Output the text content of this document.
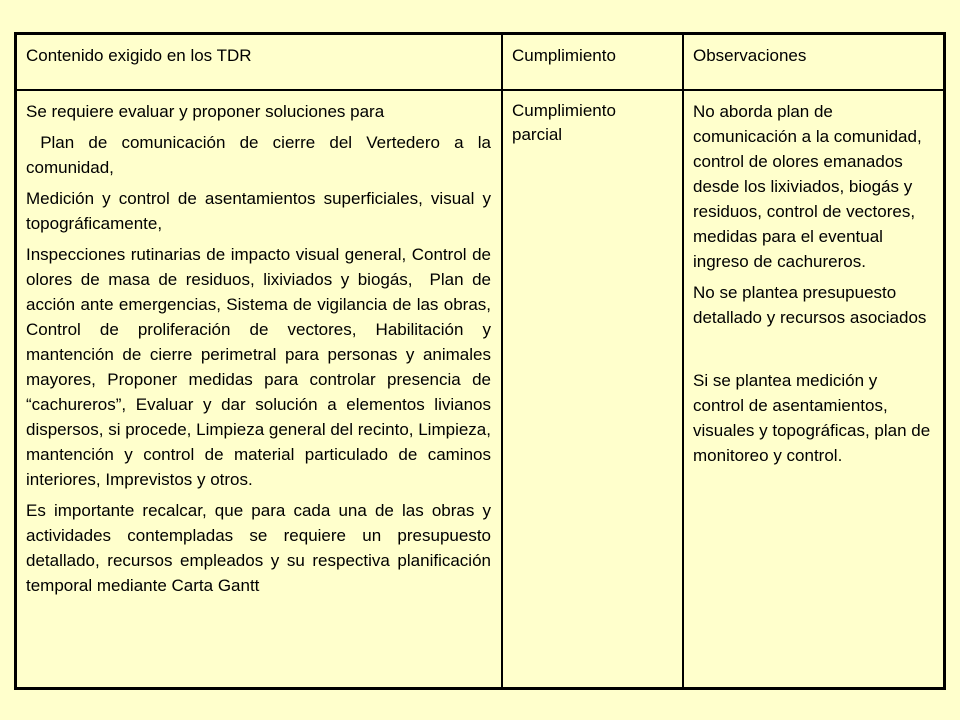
Contenido exigido en los TDR	Cumplimiento	Observaciones

Se requiere evaluar y proponer soluciones para

Plan de comunicación de cierre del Vertedero a la comunidad,

Medición y control de asentamientos superficiales, visual y topográficamente,

Inspecciones rutinarias de impacto visual general, Control de olores de masa de residuos, lixiviados y biogás,  Plan de acción ante emergencias, Sistema de vigilancia de las obras,  Control de proliferación de vectores, Habilitación y mantención de cierre perimetral para personas y animales mayores, Proponer medidas para controlar presencia de “cachureros”, Evaluar y dar solución a elementos livianos dispersos, si procede, Limpieza general del recinto, Limpieza, mantención y control de material particulado de caminos interiores, Imprevistos y otros.

Es importante recalcar, que para cada una de las obras y actividades contempladas se requiere un presupuesto detallado, recursos empleados y su respectiva planificación temporal mediante Carta Gantt

Cumplimiento parcial

No aborda plan de comunicación a la comunidad, control de olores emanados desde los lixiviados, biogás y residuos, control de vectores, medidas para el eventual ingreso de cachureros.

No se plantea presupuesto detallado y recursos asociados

Si se plantea medición y control de asentamientos, visuales y topográficas, plan de monitoreo y control.
